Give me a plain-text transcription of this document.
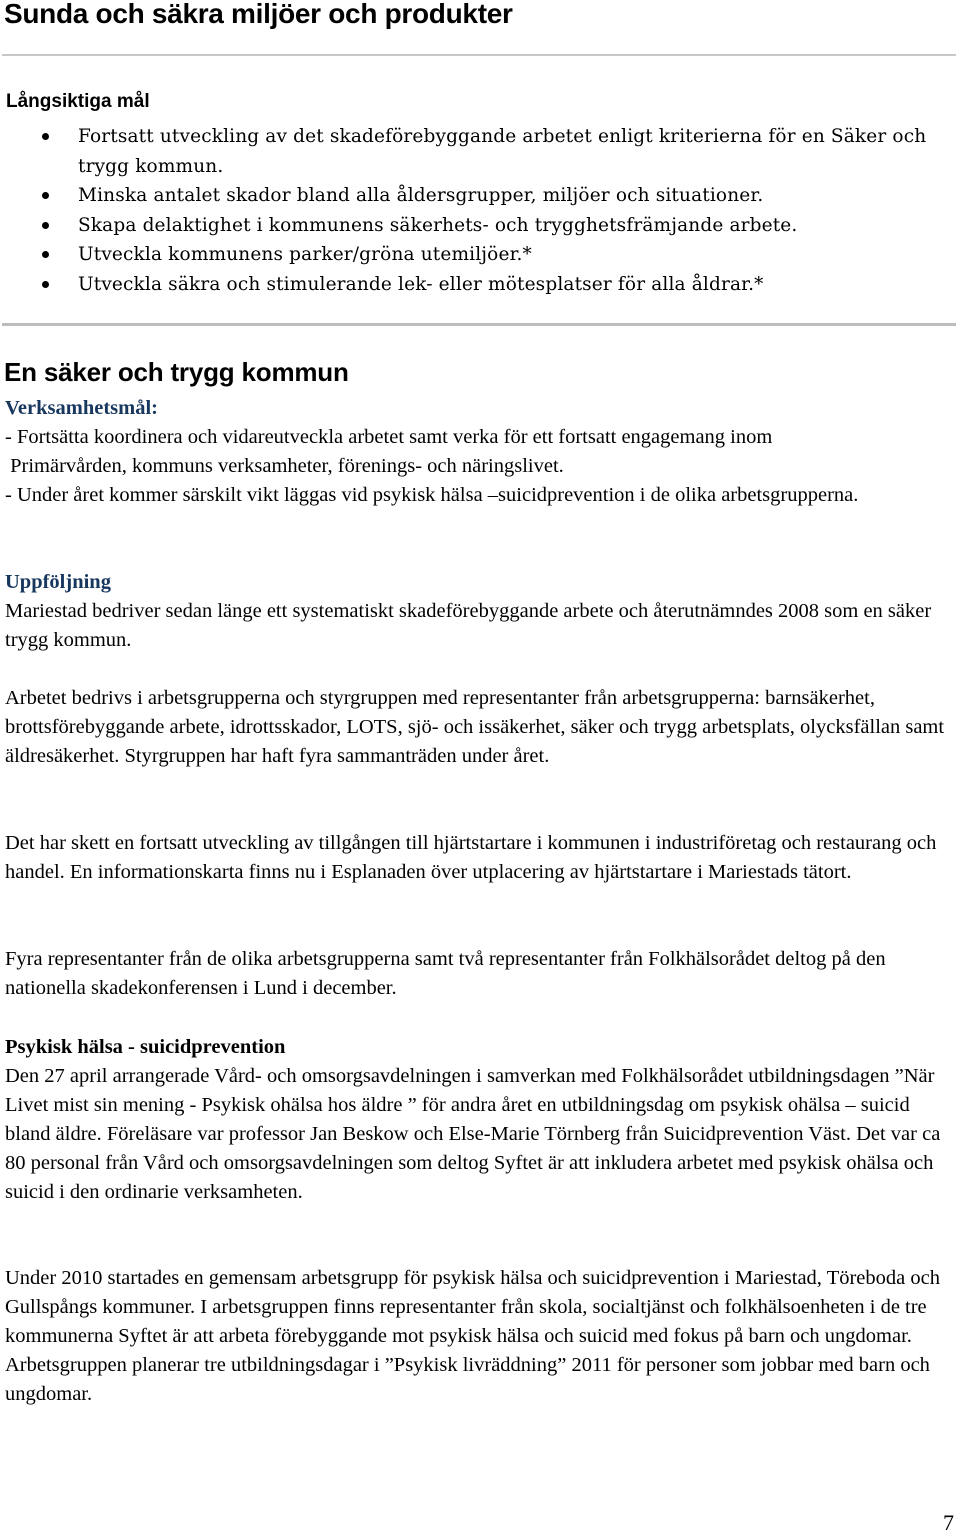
Sunda och säkra miljöer och produkter
Långsiktiga mål
Fortsatt utveckling av det skadeförebyggande arbetet enligt kriterierna för en Säker och trygg kommun.
Minska antalet skador bland alla åldersgrupper, miljöer och situationer.
Skapa delaktighet i kommunens säkerhets- och trygghetsfrämjande arbete.
Utveckla kommunens parker/gröna utemiljöer.*
Utveckla säkra och stimulerande lek- eller mötesplatser för alla åldrar.*
En säker och trygg kommun
Verksamhetsmål:
- Fortsätta koordinera och vidareutveckla arbetet samt verka för ett fortsatt engagemang inom
Primärvården, kommuns verksamheter, förenings- och näringslivet.
- Under året kommer särskilt vikt läggas vid psykisk hälsa –suicidprevention i de olika arbetsgrupperna.
Uppföljning
Mariestad bedriver sedan länge ett systematiskt skadeförebyggande arbete och återutnämndes 2008 som en säker trygg kommun.

Arbetet bedrivs i arbetsgrupperna och styrgruppen med representanter från arbetsgrupperna: barnsäkerhet, brottsförebyggande arbete, idrottsskador, LOTS, sjö- och issäkerhet, säker och trygg arbetsplats, olycksfällan samt äldresäkerhet. Styrgruppen har haft fyra sammanträden under året.

Det har skett en fortsatt utveckling av tillgången till hjärtstartare i kommunen i industriföretag och restaurang och handel. En informationskarta finns nu i Esplanaden över utplacering av hjärtstartare i Mariestads tätort.

Fyra representanter från de olika arbetsgrupperna samt två representanter från Folkhälsorådet deltog på den nationella skadekonferensen i Lund i december.

Psykisk hälsa - suicidprevention
Den 27 april arrangerade Vård- och omsorgsavdelningen i samverkan med Folkhälsorådet utbildningsdagen ”När Livet mist sin mening - Psykisk ohälsa hos äldre ” för andra året en utbildningsdag om psykisk ohälsa – suicid bland äldre. Föreläsare var professor Jan Beskow och Else-Marie Törnberg från Suicidprevention Väst. Det var ca 80 personal från Vård och omsorgsavdelningen som deltog Syftet är att inkludera arbetet med psykisk ohälsa och suicid i den ordinarie verksamheten.

Under 2010 startades en gemensam arbetsgrupp för psykisk hälsa och suicidprevention i Mariestad, Töreboda och Gullspångs kommuner. I arbetsgruppen finns representanter från skola, socialtjänst och folkhälsoenheten i de tre kommunerna Syftet är att arbeta förebyggande mot psykisk hälsa och suicid med fokus på barn och ungdomar. Arbetsgruppen planerar tre utbildningsdagar i ”Psykisk livräddning” 2011 för personer som jobbar med barn och ungdomar.

7
